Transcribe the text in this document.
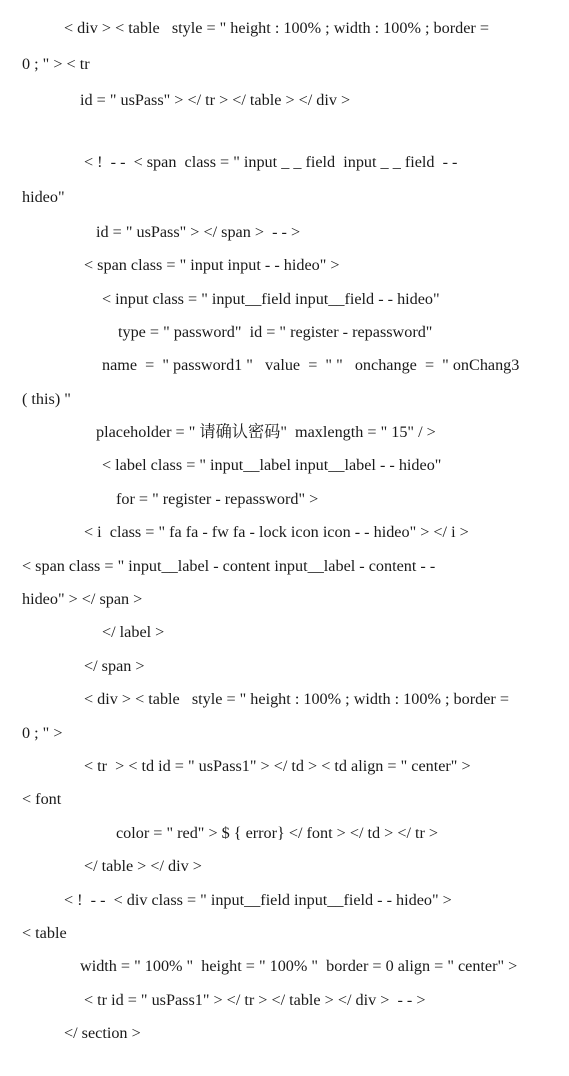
< div > < table   style = " height : 100% ; width : 100% ; border =
0 ; " > < tr
id = " usPass" > </ tr > </ table > </ div >
< !  - -  < span  class = " input _ _ field  input _ _ field  - -
hideo"
id = " usPass" > </ span >  - - >
< span class = " input input - - hideo" >
< input class = " input__field input__field - - hideo"
type = " password"  id = " register - repassword"
name  =  " password1 "   value  =  " "   onchange  =  " onChang3
( this) "
placeholder = " 请确认密码"  maxlength = " 15" / >
< label class = " input__label input__label - - hideo"
for = " register - repassword" >
< i  class = " fa fa - fw fa - lock icon icon - - hideo" > </ i >
< span class = " input__label - content input__label - content - -
hideo" > </ span >
</ label >
</ span >
< div > < table   style = " height : 100% ; width : 100% ; border =
0 ; " >
< tr  > < td id = " usPass1" > </ td > < td align = " center" >
< font
color = " red" > $ { error} </ font > </ td > </ tr >
</ table > </ div >
< !  - -  < div class = " input__field input__field - - hideo" >
< table
width = " 100% "  height = " 100% "  border = 0 align = " center" >
< tr id = " usPass1" > </ tr > </ table > </ div >  - - >
</ section >
